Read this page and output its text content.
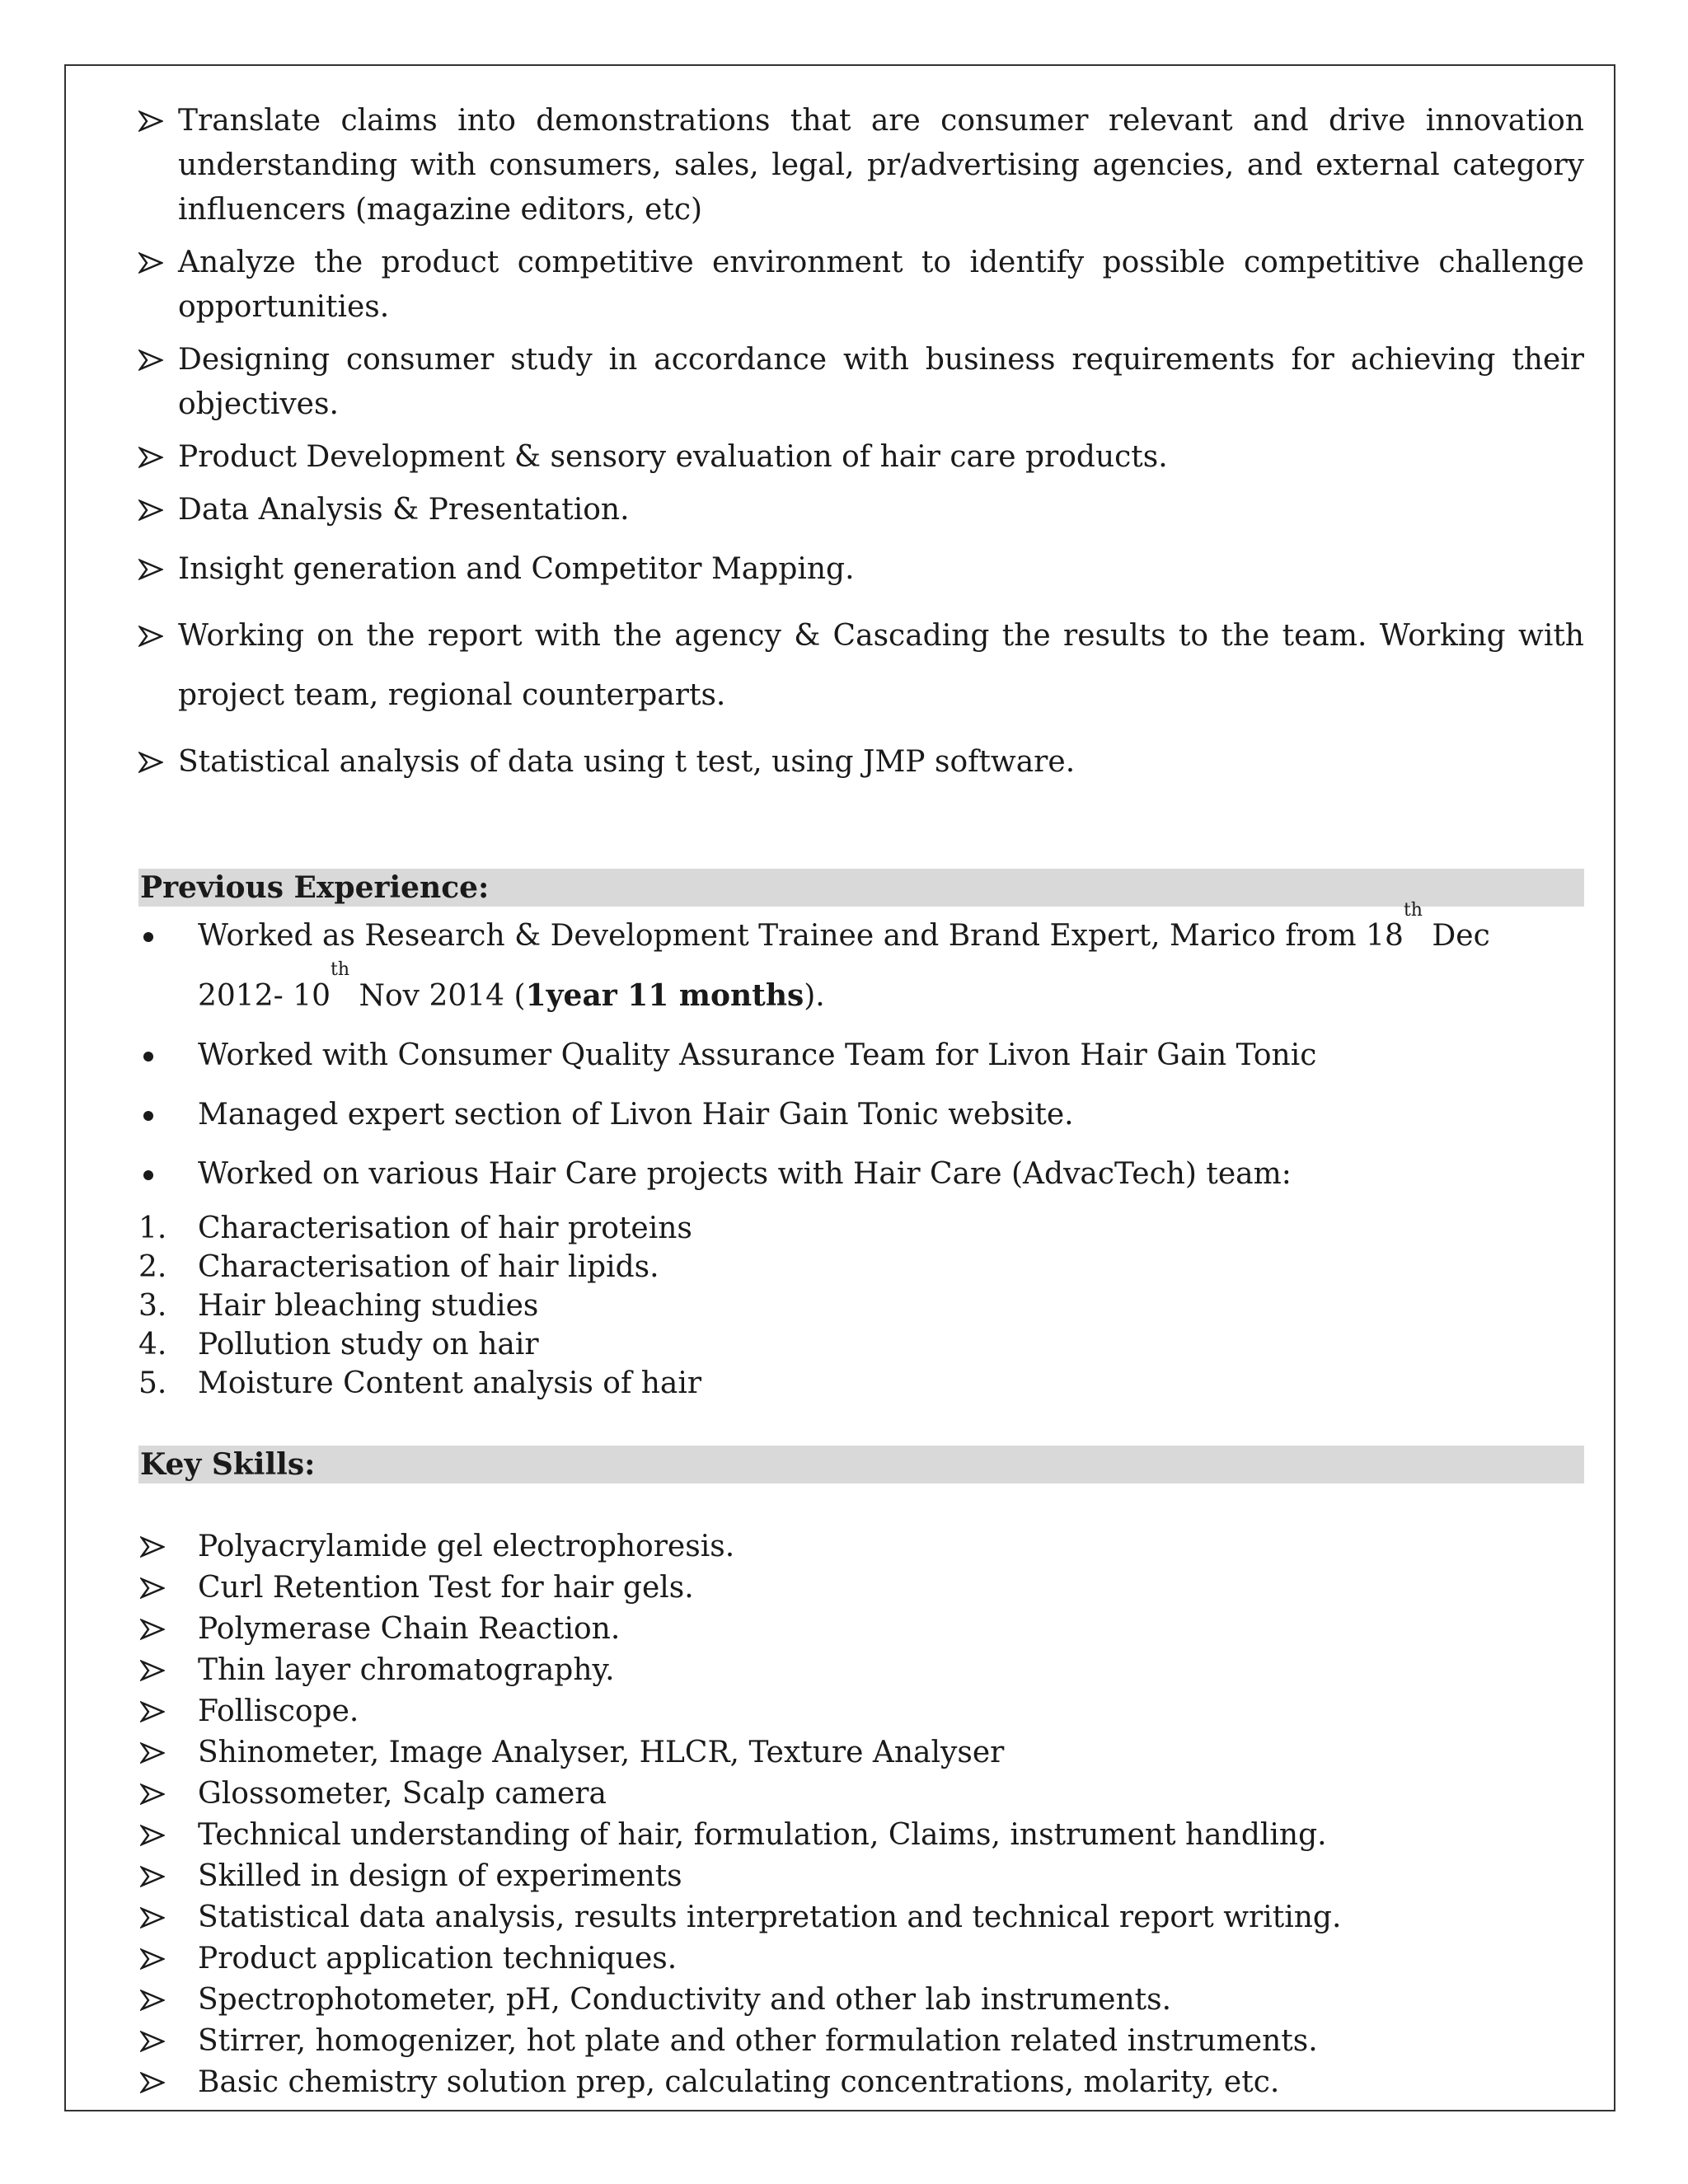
Translate claims into demonstrations that are consumer relevant and drive innovation understanding with consumers, sales, legal, pr/advertising agencies, and external category influencers (magazine editors, etc)
Analyze the product competitive environment to identify possible competitive challenge opportunities.
Designing consumer study in accordance with business requirements for achieving their objectives.
Product Development & sensory evaluation of hair care products.
Data Analysis & Presentation.
Insight generation and Competitor Mapping.
Working on the report with the agency & Cascading the results to the team. Working with project team, regional counterparts.
Statistical analysis of data using t test, using JMP software.
Previous Experience:
Worked as Research & Development Trainee and Brand Expert, Marico from 18th Dec 2012- 10th Nov 2014 (1year 11 months).
Worked with Consumer Quality Assurance Team for Livon Hair Gain Tonic
Managed expert section of Livon Hair Gain Tonic website.
Worked on various Hair Care projects with Hair Care (AdvacTech) team:
1. Characterisation of hair proteins
2. Characterisation of hair lipids.
3. Hair bleaching studies
4. Pollution study on hair
5. Moisture Content analysis of hair
Key Skills:
Polyacrylamide gel electrophoresis.
Curl Retention Test for hair gels.
Polymerase Chain Reaction.
Thin layer chromatography.
Folliscope.
Shinometer, Image Analyser, HLCR, Texture Analyser
Glossometer, Scalp camera
Technical understanding of hair, formulation, Claims, instrument handling.
Skilled in design of experiments
Statistical data analysis, results interpretation and technical report writing.
Product application techniques.
Spectrophotometer, pH, Conductivity and other lab instruments.
Stirrer, homogenizer, hot plate and other formulation related instruments.
Basic chemistry solution prep, calculating concentrations, molarity, etc.
